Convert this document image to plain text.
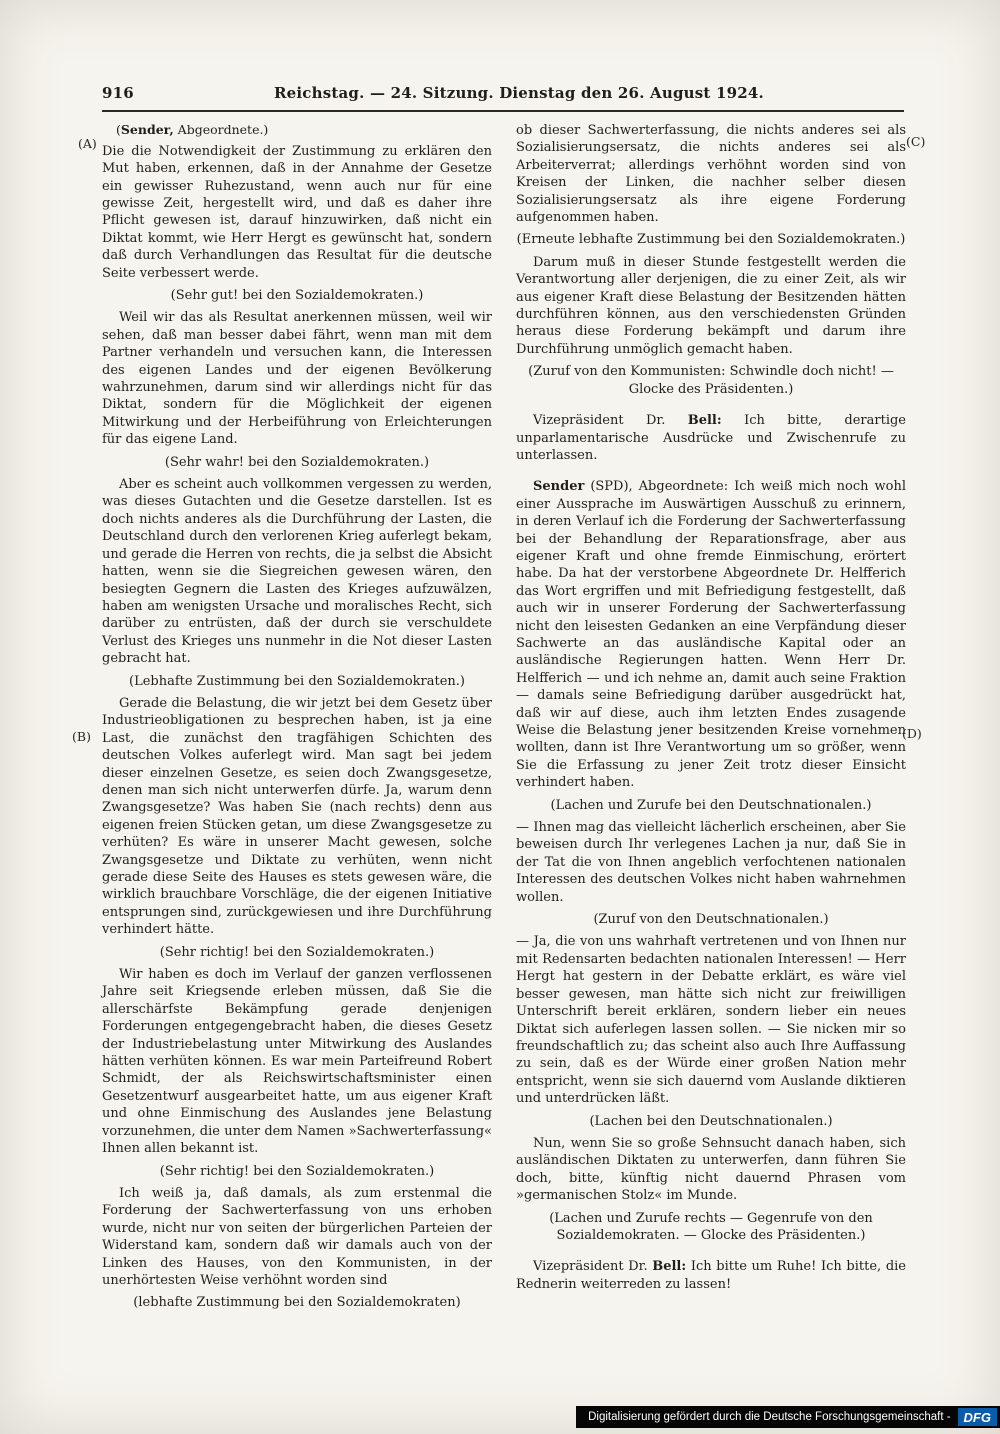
916	Reichstag. — 24. Sitzung. Dienstag den 26. August 1924.
(A)
(B)
(C)
(D)

(Sender, Abgeordnete.)

Die die Notwendigkeit der Zustimmung zu erklären den Mut haben, erkennen, daß in der Annahme der Gesetze ein gewisser Ruhezustand, wenn auch nur für eine gewisse Zeit, hergestellt wird, und daß es daher ihre Pflicht gewesen ist, darauf hinzuwirken, daß nicht ein Diktat kommt, wie Herr Hergt es gewünscht hat, sondern daß durch Verhandlungen das Resultat für die deutsche Seite verbessert werde.

(Sehr gut! bei den Sozialdemokraten.)

Weil wir das als Resultat anerkennen müssen, weil wir sehen, daß man besser dabei fährt, wenn man mit dem Partner verhandeln und versuchen kann, die Interessen des eigenen Landes und der eigenen Bevölkerung wahrzunehmen, darum sind wir allerdings nicht für das Diktat, sondern für die Möglichkeit der eigenen Mitwirkung und der Herbeiführung von Erleichterungen für das eigene Land.

(Sehr wahr! bei den Sozialdemokraten.)

Aber es scheint auch vollkommen vergessen zu werden, was dieses Gutachten und die Gesetze darstellen. Ist es doch nichts anderes als die Durchführung der Lasten, die Deutschland durch den verlorenen Krieg auferlegt bekam, und gerade die Herren von rechts, die ja selbst die Absicht hatten, wenn sie die Siegreichen gewesen wären, den besiegten Gegnern die Lasten des Krieges aufzuwälzen, haben am wenigsten Ursache und moralisches Recht, sich darüber zu entrüsten, daß der durch sie verschuldete Verlust des Krieges uns nunmehr in die Not dieser Lasten gebracht hat.

(Lebhafte Zustimmung bei den Sozialdemokraten.)

Gerade die Belastung, die wir jetzt bei dem Gesetz über Industrieobligationen zu besprechen haben, ist ja eine Last, die zunächst den tragfähigen Schichten des deutschen Volkes auferlegt wird. Man sagt bei jedem dieser einzelnen Gesetze, es seien doch Zwangsgesetze, denen man sich nicht unterwerfen dürfe. Ja, warum denn Zwangsgesetze? Was haben Sie (nach rechts) denn aus eigenen freien Stücken getan, um diese Zwangsgesetze zu verhüten? Es wäre in unserer Macht gewesen, solche Zwangsgesetze und Diktate zu verhüten, wenn nicht gerade diese Seite des Hauses es stets gewesen wäre, die wirklich brauchbare Vorschläge, die der eigenen Initiative entsprungen sind, zurückgewiesen und ihre Durchführung verhindert hätte.

(Sehr richtig! bei den Sozialdemokraten.)

Wir haben es doch im Verlauf der ganzen verflossenen Jahre seit Kriegsende erleben müssen, daß Sie die allerschärfste Bekämpfung gerade denjenigen Forderungen entgegengebracht haben, die dieses Gesetz der Industriebelastung unter Mitwirkung des Auslandes hätten verhüten können. Es war mein Parteifreund Robert Schmidt, der als Reichswirtschaftsminister einen Gesetzentwurf ausgearbeitet hatte, um aus eigener Kraft und ohne Einmischung des Auslandes jene Belastung vorzunehmen, die unter dem Namen »Sachwerterfassung« Ihnen allen bekannt ist.

(Sehr richtig! bei den Sozialdemokraten.)

Ich weiß ja, daß damals, als zum erstenmal die Forderung der Sachwerterfassung von uns erhoben wurde, nicht nur von seiten der bürgerlichen Parteien der Widerstand kam, sondern daß wir damals auch von der Linken des Hauses, von den Kommunisten, in der unerhörtesten Weise verhöhnt worden sind

(lebhafte Zustimmung bei den Sozialdemokraten)

ob dieser Sachwerterfassung, die nichts anderes sei als Sozialisierungsersatz, die nichts anderes sei als Arbeiterverrat; allerdings verhöhnt worden sind von Kreisen der Linken, die nachher selber diesen Sozialisierungsersatz als ihre eigene Forderung aufgenommen haben.

(Erneute lebhafte Zustimmung bei den Sozialdemokraten.)

Darum muß in dieser Stunde festgestellt werden die Verantwortung aller derjenigen, die zu einer Zeit, als wir aus eigener Kraft diese Belastung der Besitzenden hätten durchführen können, aus den verschiedensten Gründen heraus diese Forderung bekämpft und darum ihre Durchführung unmöglich gemacht haben.

(Zuruf von den Kommunisten: Schwindle doch nicht! — Glocke des Präsidenten.)

Vizepräsident Dr. Bell: Ich bitte, derartige unparlamentarische Ausdrücke und Zwischenrufe zu unterlassen.

Sender (SPD), Abgeordnete: Ich weiß mich noch wohl einer Aussprache im Auswärtigen Ausschuß zu erinnern, in deren Verlauf ich die Forderung der Sachwerterfassung bei der Behandlung der Reparationsfrage, aber aus eigener Kraft und ohne fremde Einmischung, erörtert habe. Da hat der verstorbene Abgeordnete Dr. Helfferich das Wort ergriffen und mit Befriedigung festgestellt, daß auch wir in unserer Forderung der Sachwerterfassung nicht den leisesten Gedanken an eine Verpfändung dieser Sachwerte an das ausländische Kapital oder an ausländische Regierungen hatten. Wenn Herr Dr. Helfferich — und ich nehme an, damit auch seine Fraktion — damals seine Befriedigung darüber ausgedrückt hat, daß wir auf diese, auch ihm letzten Endes zusagende Weise die Belastung jener besitzenden Kreise vornehmen wollten, dann ist Ihre Verantwortung um so größer, wenn Sie die Erfassung zu jener Zeit trotz dieser Einsicht verhindert haben.

(Lachen und Zurufe bei den Deutschnationalen.)

— Ihnen mag das vielleicht lächerlich erscheinen, aber Sie beweisen durch Ihr verlegenes Lachen ja nur, daß Sie in der Tat die von Ihnen angeblich verfochtenen nationalen Interessen des deutschen Volkes nicht haben wahrnehmen wollen.

(Zuruf von den Deutschnationalen.)

— Ja, die von uns wahrhaft vertretenen und von Ihnen nur mit Redensarten bedachten nationalen Interessen! — Herr Hergt hat gestern in der Debatte erklärt, es wäre viel besser gewesen, man hätte sich nicht zur freiwilligen Unterschrift bereit erklären, sondern lieber ein neues Diktat sich auferlegen lassen sollen. — Sie nicken mir so freundschaftlich zu; das scheint also auch Ihre Auffassung zu sein, daß es der Würde einer großen Nation mehr entspricht, wenn sie sich dauernd vom Auslande diktieren und unterdrücken läßt.

(Lachen bei den Deutschnationalen.)

Nun, wenn Sie so große Sehnsucht danach haben, sich ausländischen Diktaten zu unterwerfen, dann führen Sie doch, bitte, künftig nicht dauernd Phrasen vom »germanischen Stolz« im Munde.

(Lachen und Zurufe rechts — Gegenrufe von den Sozialdemokraten. — Glocke des Präsidenten.)

Vizepräsident Dr. Bell: Ich bitte um Ruhe! Ich bitte, die Rednerin weiterreden zu lassen!

Digitalisierung gefördert durch die Deutsche Forschungsgemeinschaft -	DFG
